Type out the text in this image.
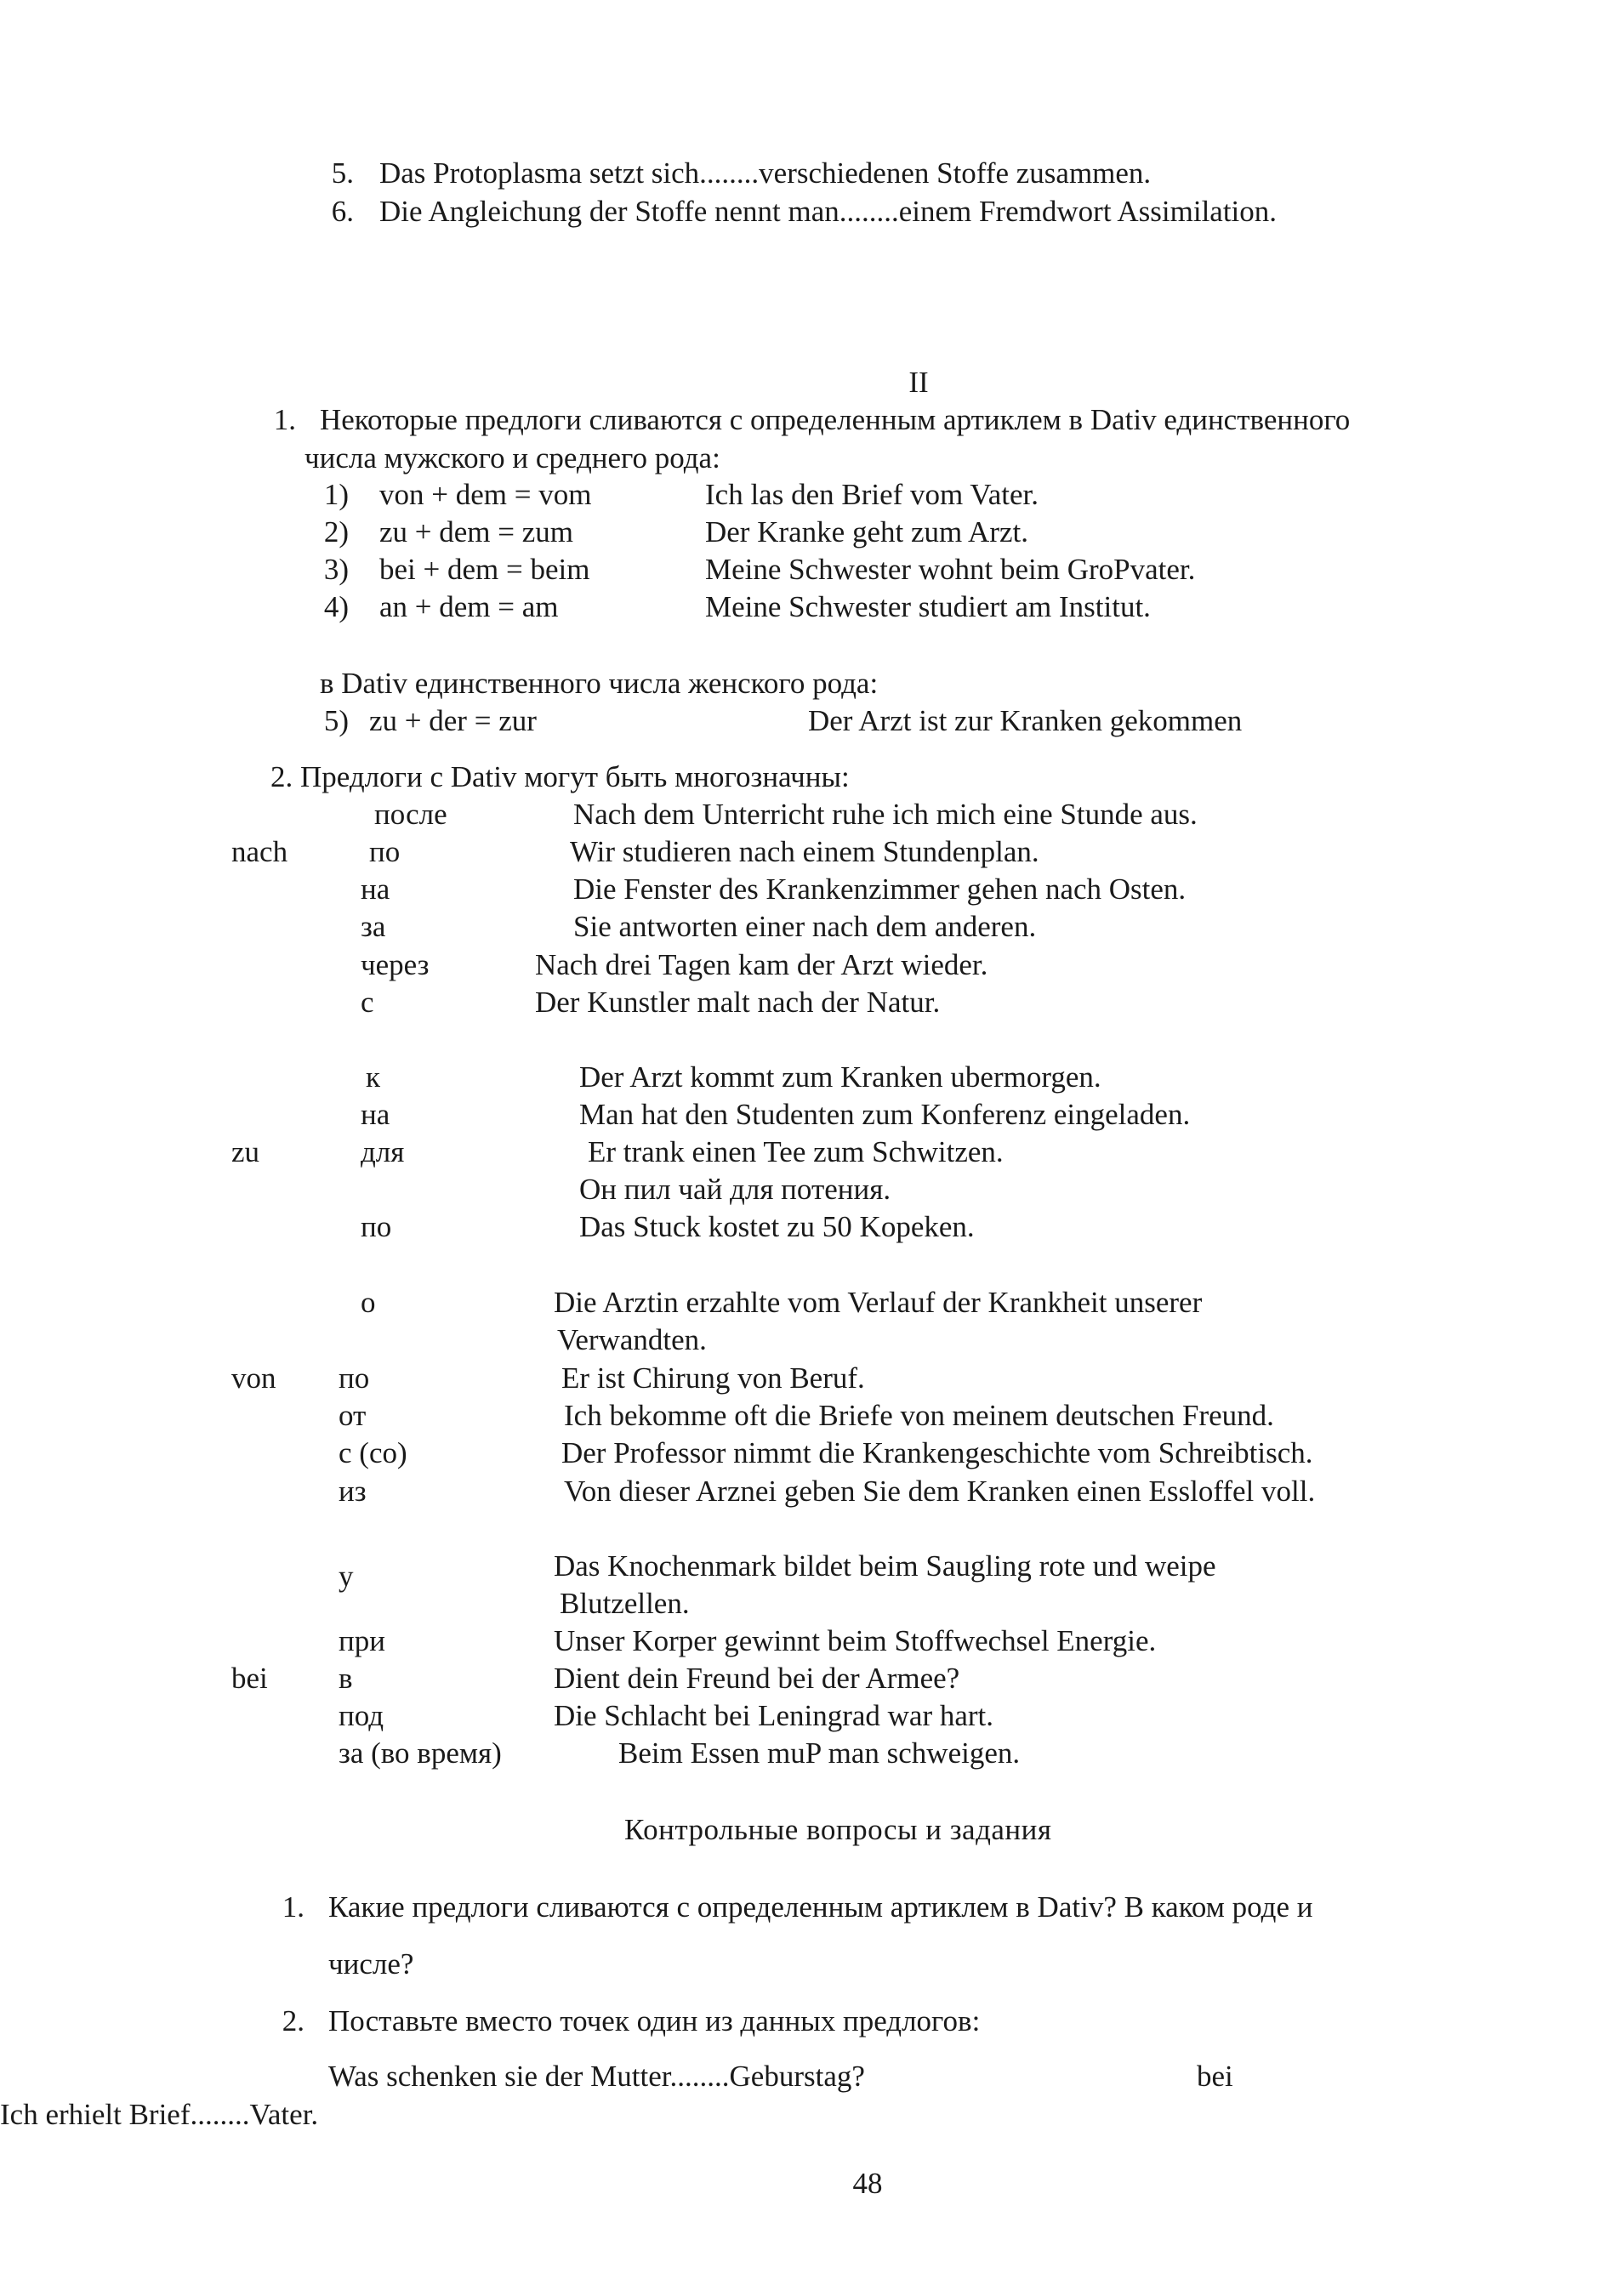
5. Das Protoplasma setzt sich........verschiedenen Stoffe zusammen.
6. Die Angleichung der Stoffe nennt man........einem Fremdwort Assimilation.
II
1. Некоторые предлоги сливаются с определенным артиклем в Dativ единственного
числа мужского и среднего рода:
1) von + dem = vom	Ich las den Brief vom Vater.
2) zu + dem = zum	Der Kranke geht zum Arzt.
3) bei + dem = beim	Meine Schwester wohnt beim GroPvater.
4) an + dem = am	Meine Schwester studiert am Institut.
в Dativ единственного числа женского рода:
5) zu + der = zur	Der Arzt ist zur Kranken gekommen
2. Предлоги с Dativ могут быть многозначны:
nach
после	Nach dem Unterricht ruhe ich mich eine Stunde aus.
по	Wir studieren nach einem Stundenplan.
на	Die Fenster des Krankenzimmer gehen nach Osten.
за	Sie antworten einer nach dem anderen.
через	Nach drei Tagen kam der Arzt wieder.
с	Der Kunstler malt nach der Natur.
zu
к	Der Arzt kommt zum Kranken ubermorgen.
на	Man hat den Studenten zum Konferenz eingeladen.
для	Er trank einen Tee zum Schwitzen.
Он пил чай для потения.
по	Das Stuck kostet zu 50 Kopeken.
von
о	Die Arztin erzahlte vom Verlauf der Krankheit unserer
Verwandten.
по	Er ist Chirung von Beruf.
от	Ich bekomme oft die Briefe von meinem deutschen Freund.
с (со)	Der Professor nimmt die Krankengeschichte vom Schreibtisch.
из	Von dieser Arznei geben Sie dem Kranken einen Essloffel voll.
bei
у	Das Knochenmark bildet beim Saugling rote und weipe
Blutzellen.
при	Unser Korper gewinnt beim Stoffwechsel Energie.
в	Dient dein Freund bei der Armee?
под	Die Schlacht bei Leningrad war hart.
за (во время)	Beim Essen muP man schweigen.
Контрольные вопросы и задания
1. Какие предлоги сливаются с определенным артиклем в Dativ? В каком роде и
числе?
2. Поставьте вместо точек один из данных предлогов:
Was schenken sie der Mutter........Geburstag?	bei
Ich erhielt Brief........Vater.
48
